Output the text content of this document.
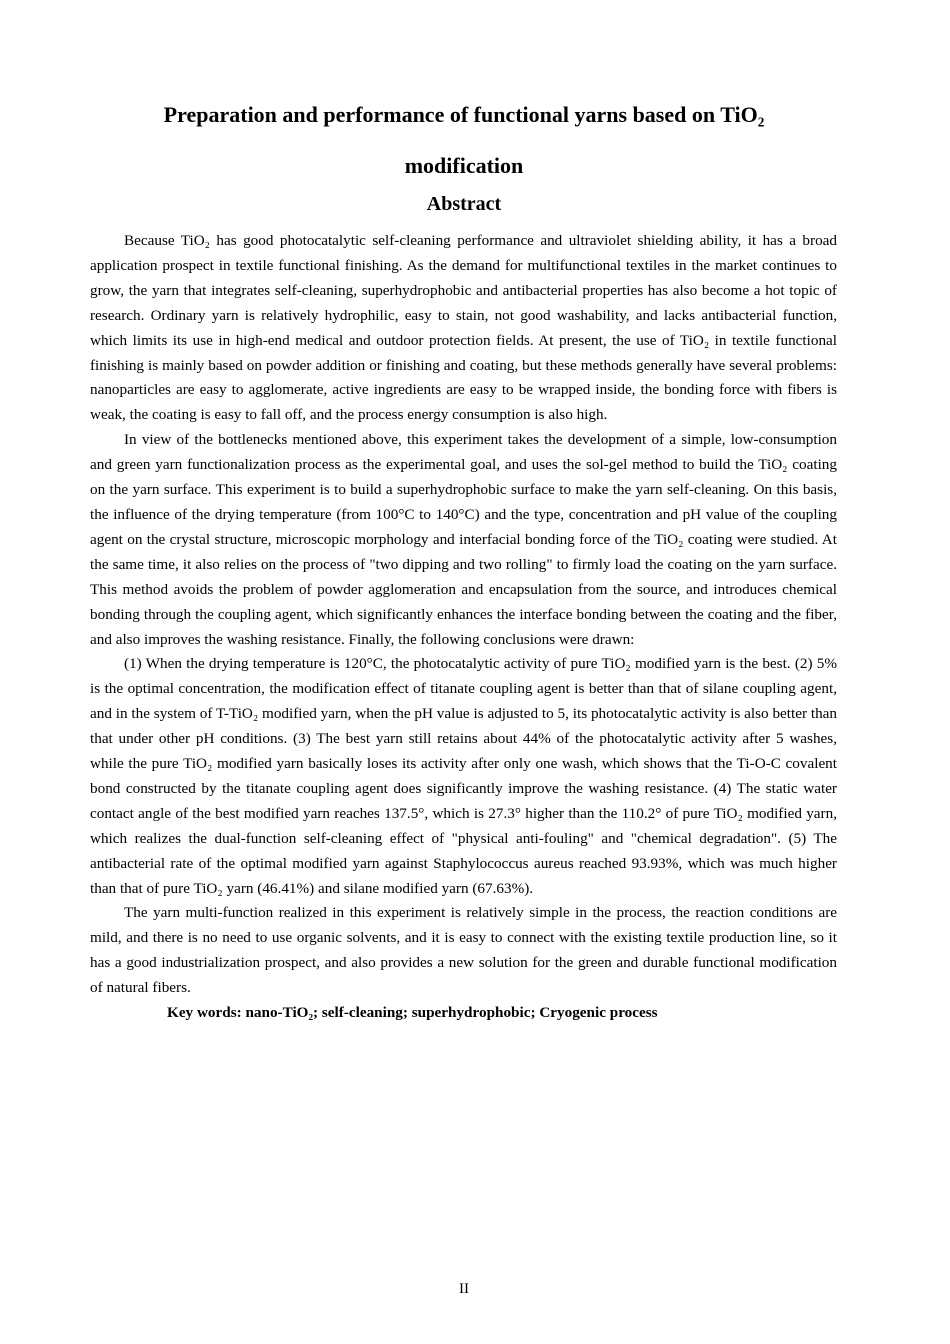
Preparation and performance of functional yarns based on TiO₂
modification
Abstract

Because TiO₂ has good photocatalytic self-cleaning performance and ultraviolet shielding ability, it has a broad application prospect in textile functional finishing. As the demand for multifunctional textiles in the market continues to grow, the yarn that integrates self-cleaning, superhydrophobic and antibacterial properties has also become a hot topic of research. Ordinary yarn is relatively hydrophilic, easy to stain, not good washability, and lacks antibacterial function, which limits its use in high-end medical and outdoor protection fields. At present, the use of TiO₂ in textile functional finishing is mainly based on powder addition or finishing and coating, but these methods generally have several problems: nanoparticles are easy to agglomerate, active ingredients are easy to be wrapped inside, the bonding force with fibers is weak, the coating is easy to fall off, and the process energy consumption is also high.

In view of the bottlenecks mentioned above, this experiment takes the development of a simple, low-consumption and green yarn functionalization process as the experimental goal, and uses the sol-gel method to build the TiO₂ coating on the yarn surface. This experiment is to build a superhydrophobic surface to make the yarn self-cleaning. On this basis, the influence of the drying temperature (from 100°C to 140°C) and the type, concentration and pH value of the coupling agent on the crystal structure, microscopic morphology and interfacial bonding force of the TiO₂ coating were studied. At the same time, it also relies on the process of "two dipping and two rolling" to firmly load the coating on the yarn surface. This method avoids the problem of powder agglomeration and encapsulation from the source, and introduces chemical bonding through the coupling agent, which significantly enhances the interface bonding between the coating and the fiber, and also improves the washing resistance. Finally, the following conclusions were drawn:

(1) When the drying temperature is 120°C, the photocatalytic activity of pure TiO₂ modified yarn is the best. (2) 5% is the optimal concentration, the modification effect of titanate coupling agent is better than that of silane coupling agent, and in the system of T-TiO₂ modified yarn, when the pH value is adjusted to 5, its photocatalytic activity is also better than that under other pH conditions. (3) The best yarn still retains about 44% of the photocatalytic activity after 5 washes, while the pure TiO₂ modified yarn basically loses its activity after only one wash, which shows that the Ti-O-C covalent bond constructed by the titanate coupling agent does significantly improve the washing resistance. (4) The static water contact angle of the best modified yarn reaches 137.5°, which is 27.3° higher than the 110.2° of pure TiO₂ modified yarn, which realizes the dual-function self-cleaning effect of "physical anti-fouling" and "chemical degradation". (5) The antibacterial rate of the optimal modified yarn against Staphylococcus aureus reached 93.93%, which was much higher than that of pure TiO₂ yarn (46.41%) and silane modified yarn (67.63%).

The yarn multi-function realized in this experiment is relatively simple in the process, the reaction conditions are mild, and there is no need to use organic solvents, and it is easy to connect with the existing textile production line, so it has a good industrialization prospect, and also provides a new solution for the green and durable functional modification of natural fibers.

Key words: nano-TiO₂; self-cleaning; superhydrophobic; Cryogenic process

II
